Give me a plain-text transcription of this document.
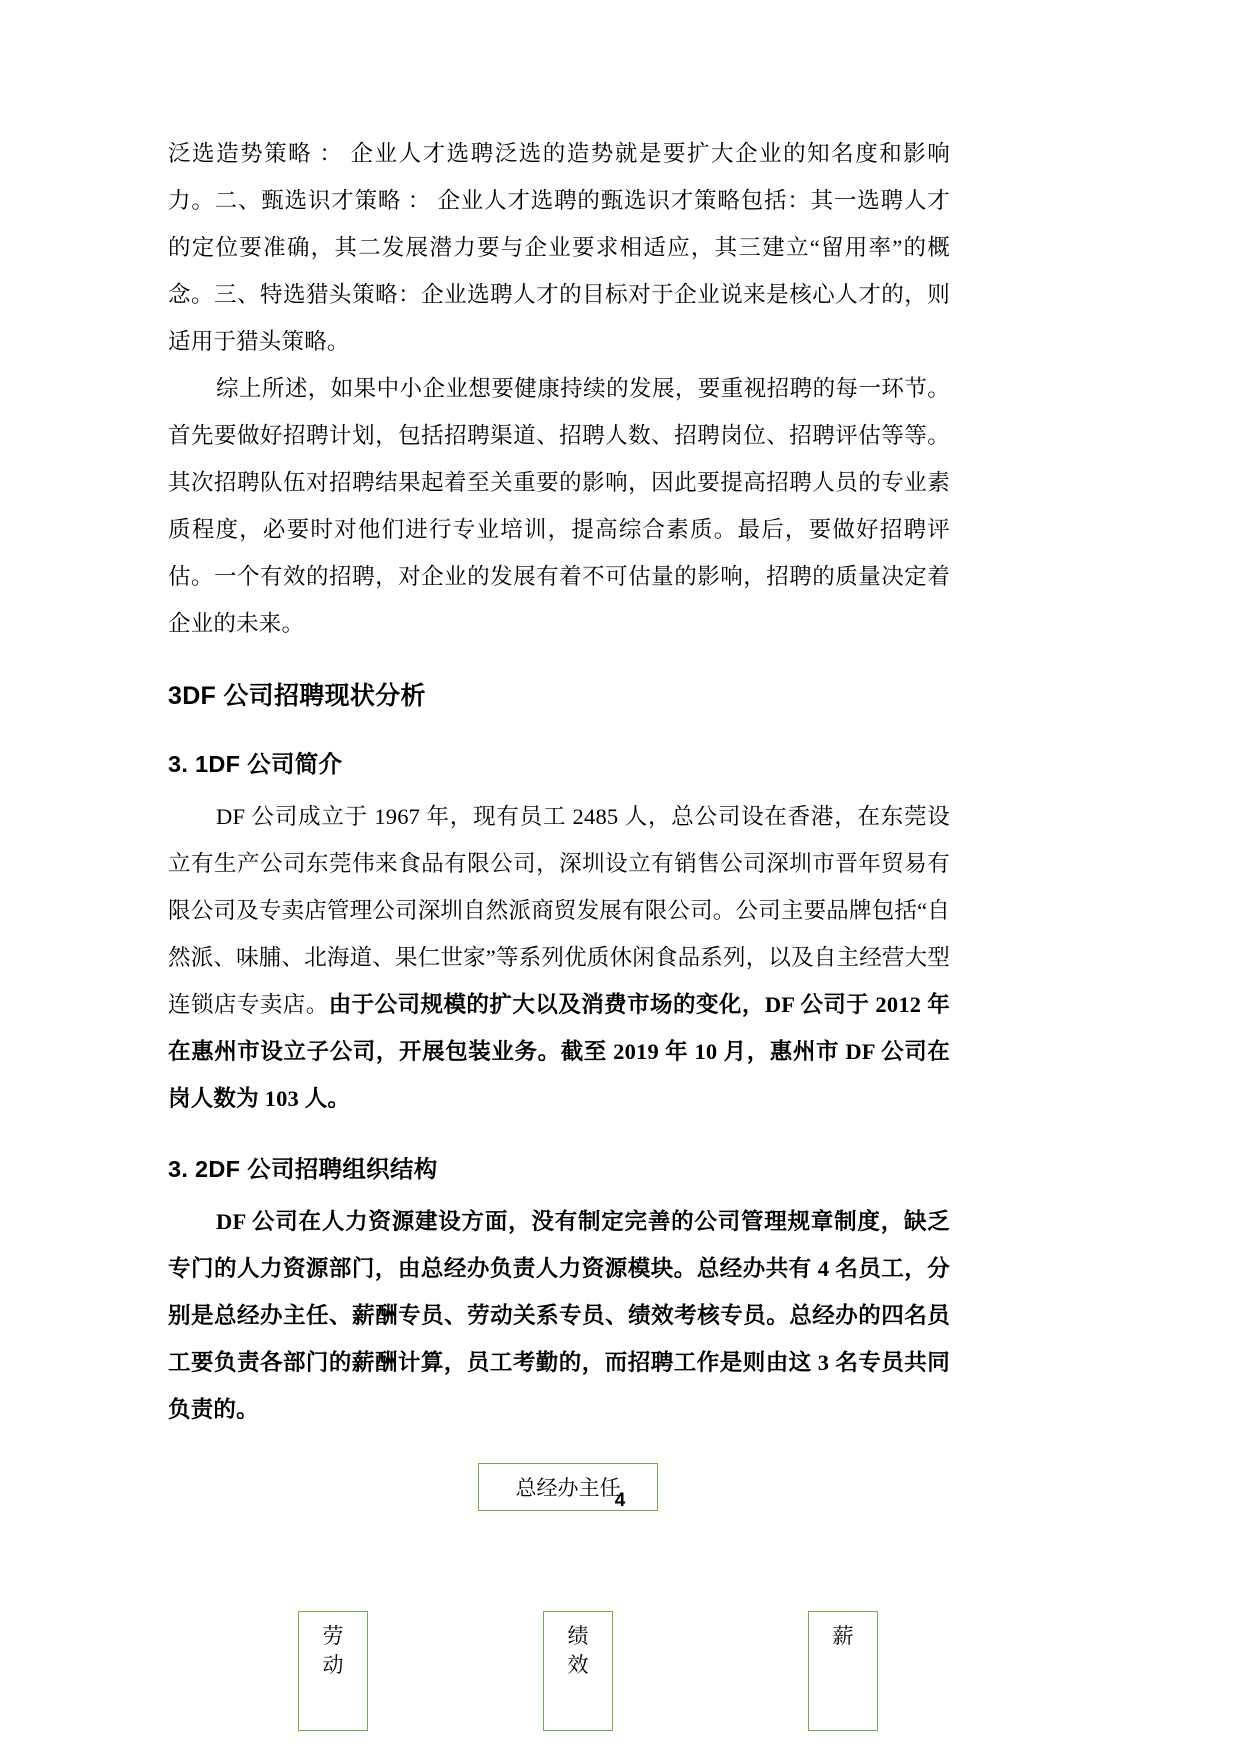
泛选造势策略 ： 企业人才选聘泛选的造势就是要扩大企业的知名度和影响力。二、甄选识才策略 ： 企业人才选聘的甄选识才策略包括：其一选聘人才的定位要准确，其二发展潜力要与企业要求相适应，其三建立“留用率”的概念。三、特选猎头策略：企业选聘人才的目标对于企业说来是核心人才的，则适用于猎头策略。

综上所述，如果中小企业想要健康持续的发展，要重视招聘的每一环节。首先要做好招聘计划，包括招聘渠道、招聘人数、招聘岗位、招聘评估等等。其次招聘队伍对招聘结果起着至关重要的影响，因此要提高招聘人员的专业素质程度，必要时对他们进行专业培训，提高综合素质。最后，要做好招聘评估。一个有效的招聘，对企业的发展有着不可估量的影响，招聘的质量决定着企业的未来。

3DF 公司招聘现状分析
3. 1DF 公司简介

DF 公司成立于 1967 年，现有员工 2485 人，总公司设在香港，在东莞设立有生产公司东莞伟来食品有限公司，深圳设立有销售公司深圳市晋年贸易有限公司及专卖店管理公司深圳自然派商贸发展有限公司。公司主要品牌包括“自然派、味脯、北海道、果仁世家”等系列优质休闲食品系列，以及自主经营大型连锁店专卖店。由于公司规模的扩大以及消费市场的变化，DF 公司于 2012 年在惠州市设立子公司，开展包装业务。截至 2019 年 10 月，惠州市 DF 公司在岗人数为 103 人。

3. 2DF 公司招聘组织结构

DF 公司在人力资源建设方面，没有制定完善的公司管理规章制度，缺乏专门的人力资源部门，由总经办负责人力资源模块。总经办共有 4 名员工，分别是总经办主任、薪酬专员、劳动关系专员、绩效考核专员。总经办的四名员工要负责各部门的薪酬计算，员工考勤的，而招聘工作是则由这 3 名专员共同负责的。

总经办主任
劳动
绩效
薪
4
